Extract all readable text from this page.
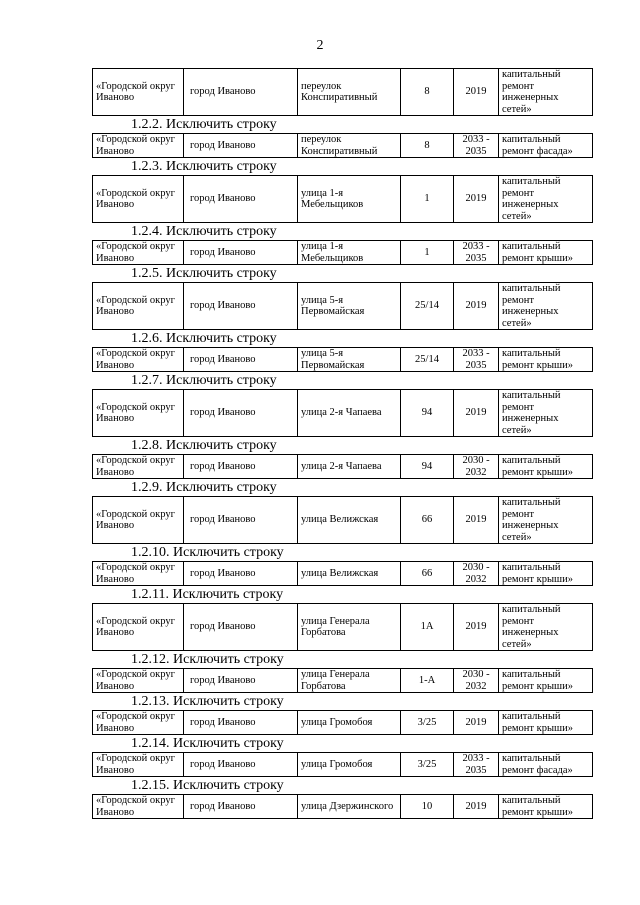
2
«Городской округ Иваново	город Иваново	переулок Конспиративный	8	2019	капитальный ремонт инженерных сетей»
1.2.2. Исключить строку
«Городской округ Иваново	город Иваново	переулок Конспиративный	8	2033 - 2035	капитальный ремонт фасада»
1.2.3. Исключить строку
«Городской округ Иваново	город Иваново	улица 1-я Мебельщиков	1	2019	капитальный ремонт инженерных сетей»
1.2.4. Исключить строку
«Городской округ Иваново	город Иваново	улица 1-я Мебельщиков	1	2033 - 2035	капитальный ремонт крыши»
1.2.5. Исключить строку
«Городской округ Иваново	город Иваново	улица 5-я Первомайская	25/14	2019	капитальный ремонт инженерных сетей»
1.2.6. Исключить строку
«Городской округ Иваново	город Иваново	улица 5-я Первомайская	25/14	2033 - 2035	капитальный ремонт крыши»
1.2.7. Исключить строку
«Городской округ Иваново	город Иваново	улица 2-я Чапаева	94	2019	капитальный ремонт инженерных сетей»
1.2.8. Исключить строку
«Городской округ Иваново	город Иваново	улица 2-я Чапаева	94	2030 - 2032	капитальный ремонт крыши»
1.2.9. Исключить строку
«Городской округ Иваново	город Иваново	улица Велижская	66	2019	капитальный ремонт инженерных сетей»
1.2.10. Исключить строку
«Городской округ Иваново	город Иваново	улица Велижская	66	2030 - 2032	капитальный ремонт крыши»
1.2.11. Исключить строку
«Городской округ Иваново	город Иваново	улица Генерала Горбатова	1А	2019	капитальный ремонт инженерных сетей»
1.2.12. Исключить строку
«Городской округ Иваново	город Иваново	улица Генерала Горбатова	1-А	2030 - 2032	капитальный ремонт крыши»
1.2.13. Исключить строку
«Городской округ Иваново	город Иваново	улица Громобоя	3/25	2019	капитальный ремонт крыши»
1.2.14. Исключить строку
«Городской округ Иваново	город Иваново	улица Громобоя	3/25	2033 - 2035	капитальный ремонт фасада»
1.2.15. Исключить строку
«Городской округ Иваново	город Иваново	улица Дзержинского	10	2019	капитальный ремонт крыши»
